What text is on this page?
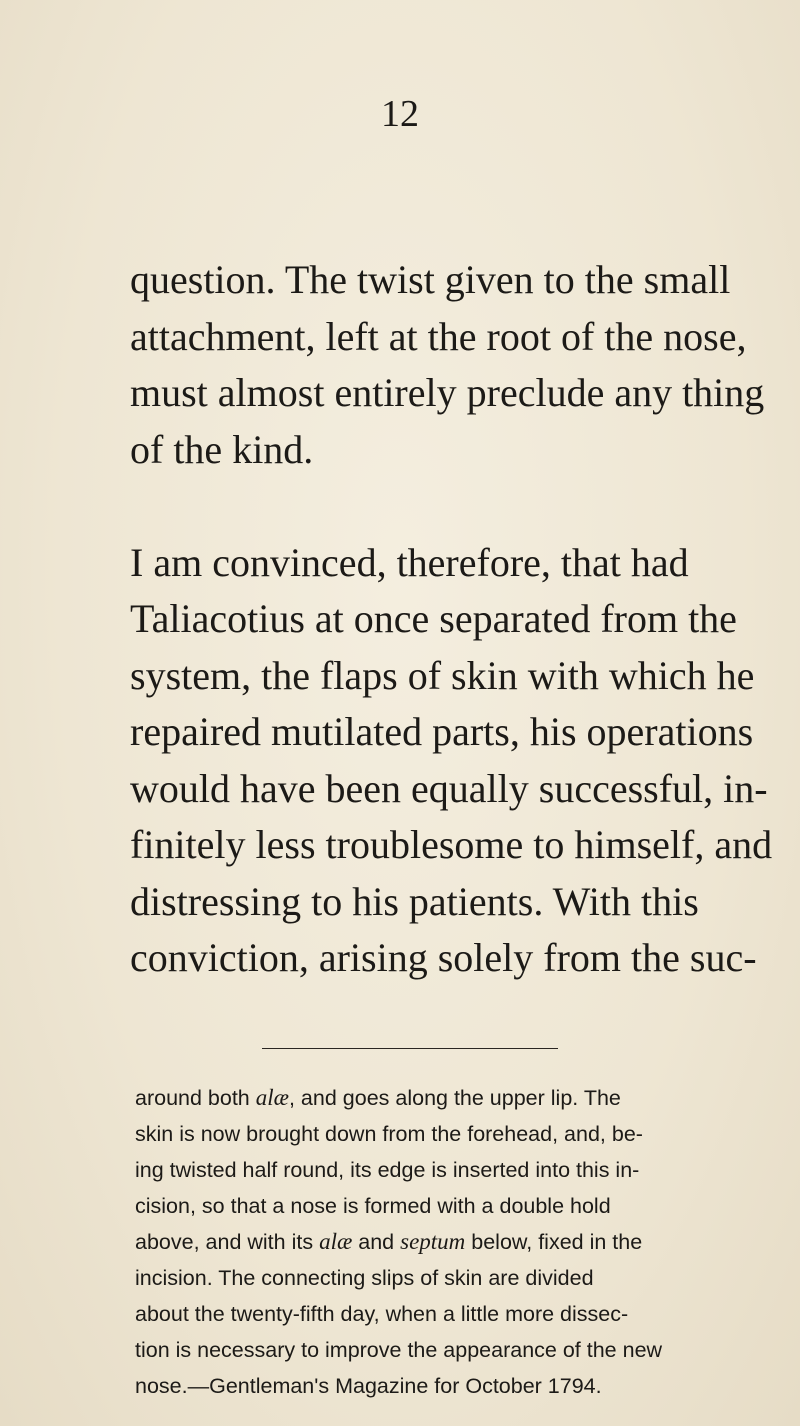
12
question. The twist given to the small
attachment, left at the root of the nose,
must almost entirely preclude any thing
of the kind.
I am convinced, therefore, that had
Taliacotius at once separated from the
system, the flaps of skin with which he
repaired mutilated parts, his operations
would have been equally successful, in-
finitely less troublesome to himself, and
distressing to his patients. With this
conviction, arising solely from the suc-
around both alæ, and goes along the upper lip. The
skin is now brought down from the forehead, and, be-
ing twisted half round, its edge is inserted into this in-
cision, so that a nose is formed with a double hold
above, and with its alæ and septum below, fixed in the
incision. The connecting slips of skin are divided
about the twenty-fifth day, when a little more dissec-
tion is necessary to improve the appearance of the new
nose.—Gentleman's Magazine for October 1794.
